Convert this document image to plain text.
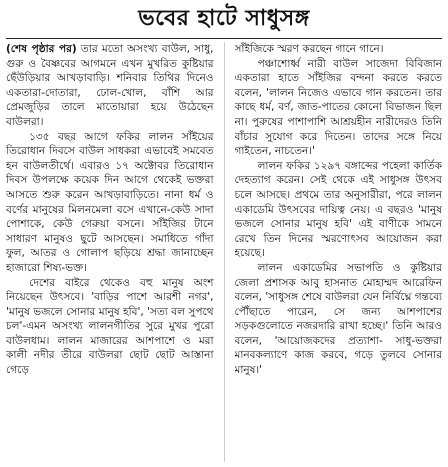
ভবের হাটে সাধুসঙ্গ

(শেষ পৃষ্ঠার পর) তার মতো অসংখ্য বাউল, সাধু, গুরু ও বৈষ্ণবের আগমনে এখন মুখরিত কুষ্টিয়ার ছেঁউড়িয়ার আখড়াবাড়ি। শনিবার তিথির দিনেও একতারা-দোতারা, ঢোল-খোল, বাঁশি আর প্রেমজুড়ির তালে মাতোয়ারা হয়ে উঠেছেন বাউলরা।

১৩৫ বছর আগে ফকির লালন সাঁইয়ের তিরোধান দিবসে বাউল সাধকরা এভাবেই সমবেত হন বাউলতীর্থে। এবারও ১৭ অক্টোবর তিরোধান দিবস উপলক্ষে কয়েক দিন আগে থেকেই ভক্তরা আসতে শুরু করেন আখড়াবাড়িতে। নানা ধর্ম ও বর্ণের মানুষের মিলনমেলা বসে এখানে-কেউ সাদা পোশাকে, কেউ গেরুয়া বসনে। সাঁইজির টানে সাধারণ মানুষও ছুটে আসছেন। সমাধিতে গাঁদা ফুল, আতর ও গোলাপ ছড়িয়ে শ্রদ্ধা জানাচ্ছেন হাজারো শিষ্য-ভক্ত।

দেশের বাইরে থেকেও বহু মানুষ অংশ নিয়েছেন উৎসবে। 'বাড়ির পাশে আরশী নগর', 'মানুষ ভজলে সোনার মানুষ হবি', 'সত্য বল সুপথে চল'-এমন অসংখ্য লালনগীতির সুরে মুখর পুরো বাউলধাম। লালন মাজারের আশপাশে ও মরা কালী নদীর তীরে বাউলরা ছোট ছোট আস্তানা গেড়ে

সাঁইজিকে স্মরণ করছেন গানে গানে।

পঞ্চাশোর্ধ্ব নারী বাউল সাজেদা বিবিজান একতারা হাতে সাঁইজির বন্দনা করতে করতে বলেন, 'লালন নিজেও এভাবে গান করতেন। তার কাছে ধর্ম, বর্ণ, জাত-পাতের কোনো বিভাজন ছিল না। পুরুষের পাশাপাশি আশ্রয়হীন নারীদেরও তিনি বাঁচার সুযোগ করে দিতেন। তাদের সঙ্গে নিয়ে গাইতেন, নাচতেন।'

লালন ফকির ১২৯৭ বঙ্গাব্দের পহেলা কার্তিক দেহত্যাগ করেন। সেই থেকে এই সাধুসঙ্গ উৎসব চলে আসছে। প্রথমে তার অনুসারীরা, পরে লালন একাডেমি উৎসবের দায়িত্ব নেয়। এ বছরও 'মানুষ ভজলে সোনার মানুষ হবি' এই বাণীকে সামনে রেখে তিন দিনের স্মরণোৎসব আয়োজন করা হয়েছে।

লালন একাডেমির সভাপতি ও কুষ্টিয়ার জেলা প্রশাসক আবু হাসনাত মোহাম্মদ আরেফিন বলেন, 'সাধুসঙ্গ শেষে বাউলরা যেন নির্বিঘ্নে গন্তব্যে পৌঁছাতে পারেন, সে জন্য আশপাশের সড়কগুলোতে নজরদারি রাখা হচ্ছে।' তিনি আরও বলেন, 'আয়োজকদের প্রত্যাশা- সাধু-ভক্তরা মানবকল্যাণে কাজ করবে, গড়ে তুলবে সোনার মানুষ।'
